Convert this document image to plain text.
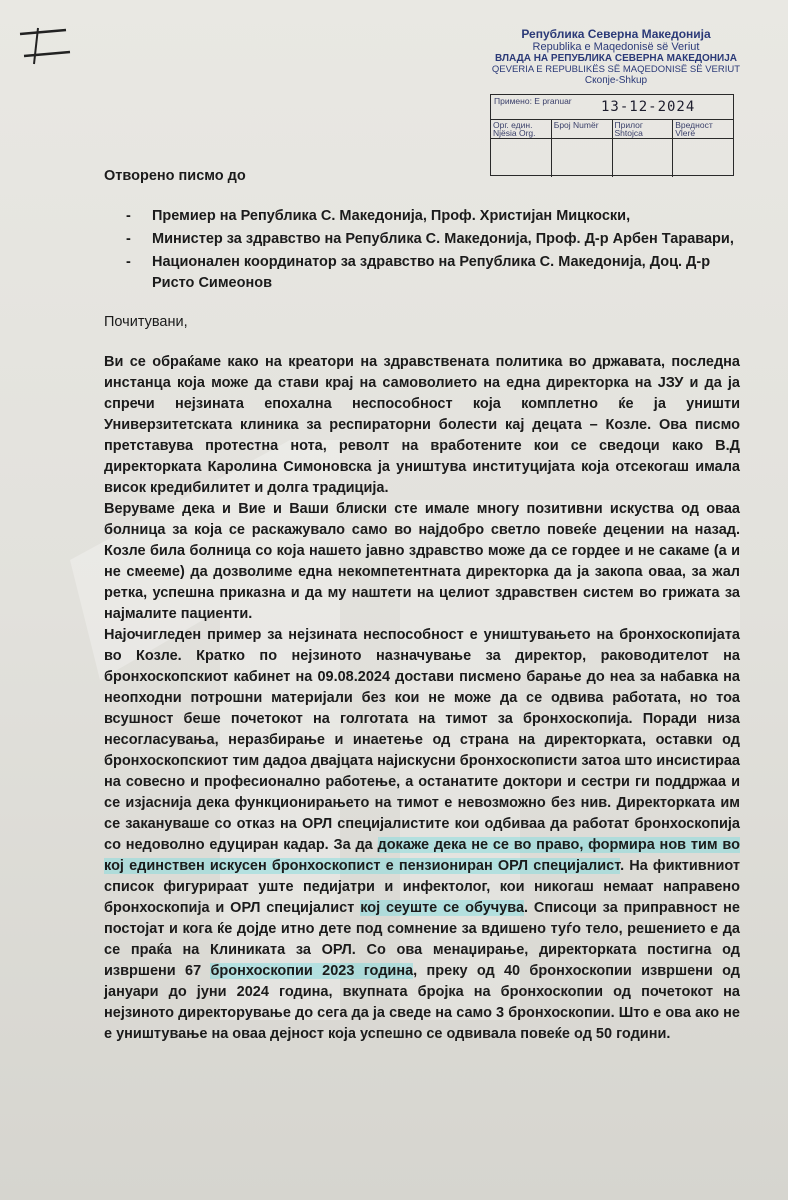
Република Северна Македонија
Republika e Maqedonisë së Veriut
ВЛАДА НА РЕПУБЛИКА СЕВЕРНА МАКЕДОНИЈА
QEVERIA E REPUBLIKËS SË MAQEDONISË SË VERIUT
Скопје-Shkup
Примено: E pranuar 13-12-2024
Орг. един. Njësia Org.
Број Numër	Прилог Shtojca
Вредност Vlerë

Отворено писмо до

- Премиер на Република С. Македонија, Проф. Христијан Мицкоски,
- Министер за здравство на Република С. Македонија, Проф. Д-р Арбен Таравари,
- Национален координатор за здравство на Република С. Македонија, Доц. Д-р Ристо Симеонов

Почитувани,

Ви се обраќаме како на креатори на здравствената политика во државата, последна инстанца која може да стави крај на самоволието на една директорка на ЈЗУ и да ја спречи нејзината епохална неспособност која комплетно ќе ја уништи Универзитетската клиника за респираторни болести кај децата – Козле. Ова писмо претставува протестна нота, револт на вработените кои се сведоци како В.Д директорката Каролина Симоновска ја уништува институцијата која отсекогаш имала висок кредибилитет и долга традиција.

Веруваме дека и Вие и Ваши блиски сте имале многу позитивни искуства од оваа болница за која се раскажувало само во најдобро светло повеќе децении на назад. Козле била болница со која нашето јавно здравство може да се гордее и не сакаме (а и не смееме) да дозволиме една некомпетентната директорка да ја закопа оваа, за жал ретка, успешна приказна и да му наштети на целиот здравствен систем во грижата за најмалите пациенти.

Најочигледен пример за нејзината неспособност е уништувањето на бронхоскопијата во Козле. Кратко по нејзиното назначување за директор, раководителот на бронхоскопскиот кабинет на 09.08.2024 достави писмено барање до неа за набавка на неопходни потрошни материјали без кои не може да се одвива работата, но тоа всушност беше почетокот на голготата на тимот за бронхоскопија. Поради низа несогласувања, неразбирање и инаетење од страна на директорката, оставки од бронхоскопскиот тим дадоа двајцата најискусни бронхоскописти затоа што инсистираа на совесно и професионално работење, а останатите доктори и сестри ги поддржаа и се изјаснија дека функционирањето на тимот е невозможно без нив. Директорката им се закануваше со отказ на ОРЛ специјалистите кои одбиваа да работат бронхоскопија со недоволно едуциран кадар. За да докаже дека не се во право, формира нов тим во кој единствен искусен бронхоскопист е пензиониран ОРЛ специјалист. На фиктивниот список фигурираат уште педијатри и инфектолог, кои никогаш немаат направено бронхоскопија и ОРЛ специјалист кој сеуште се обучува. Списоци за приправност не постојат и кога ќе дојде итно дете под сомнение за вдишено туѓо тело, решението е да се праќа на Клиниката за ОРЛ. Со ова менаџирање, директорката постигна од извршени 67 бронхоскопии 2023 година, преку од 40 бронхоскопии извршени од јануари до јуни 2024 година, вкупната бројка на бронхоскопии од почетокот на нејзиното директорување до сега да ја сведе на само 3 бронхоскопии. Што е ова ако не е уништување на оваа дејност која успешно се одвивала повеќе од 50 години.
